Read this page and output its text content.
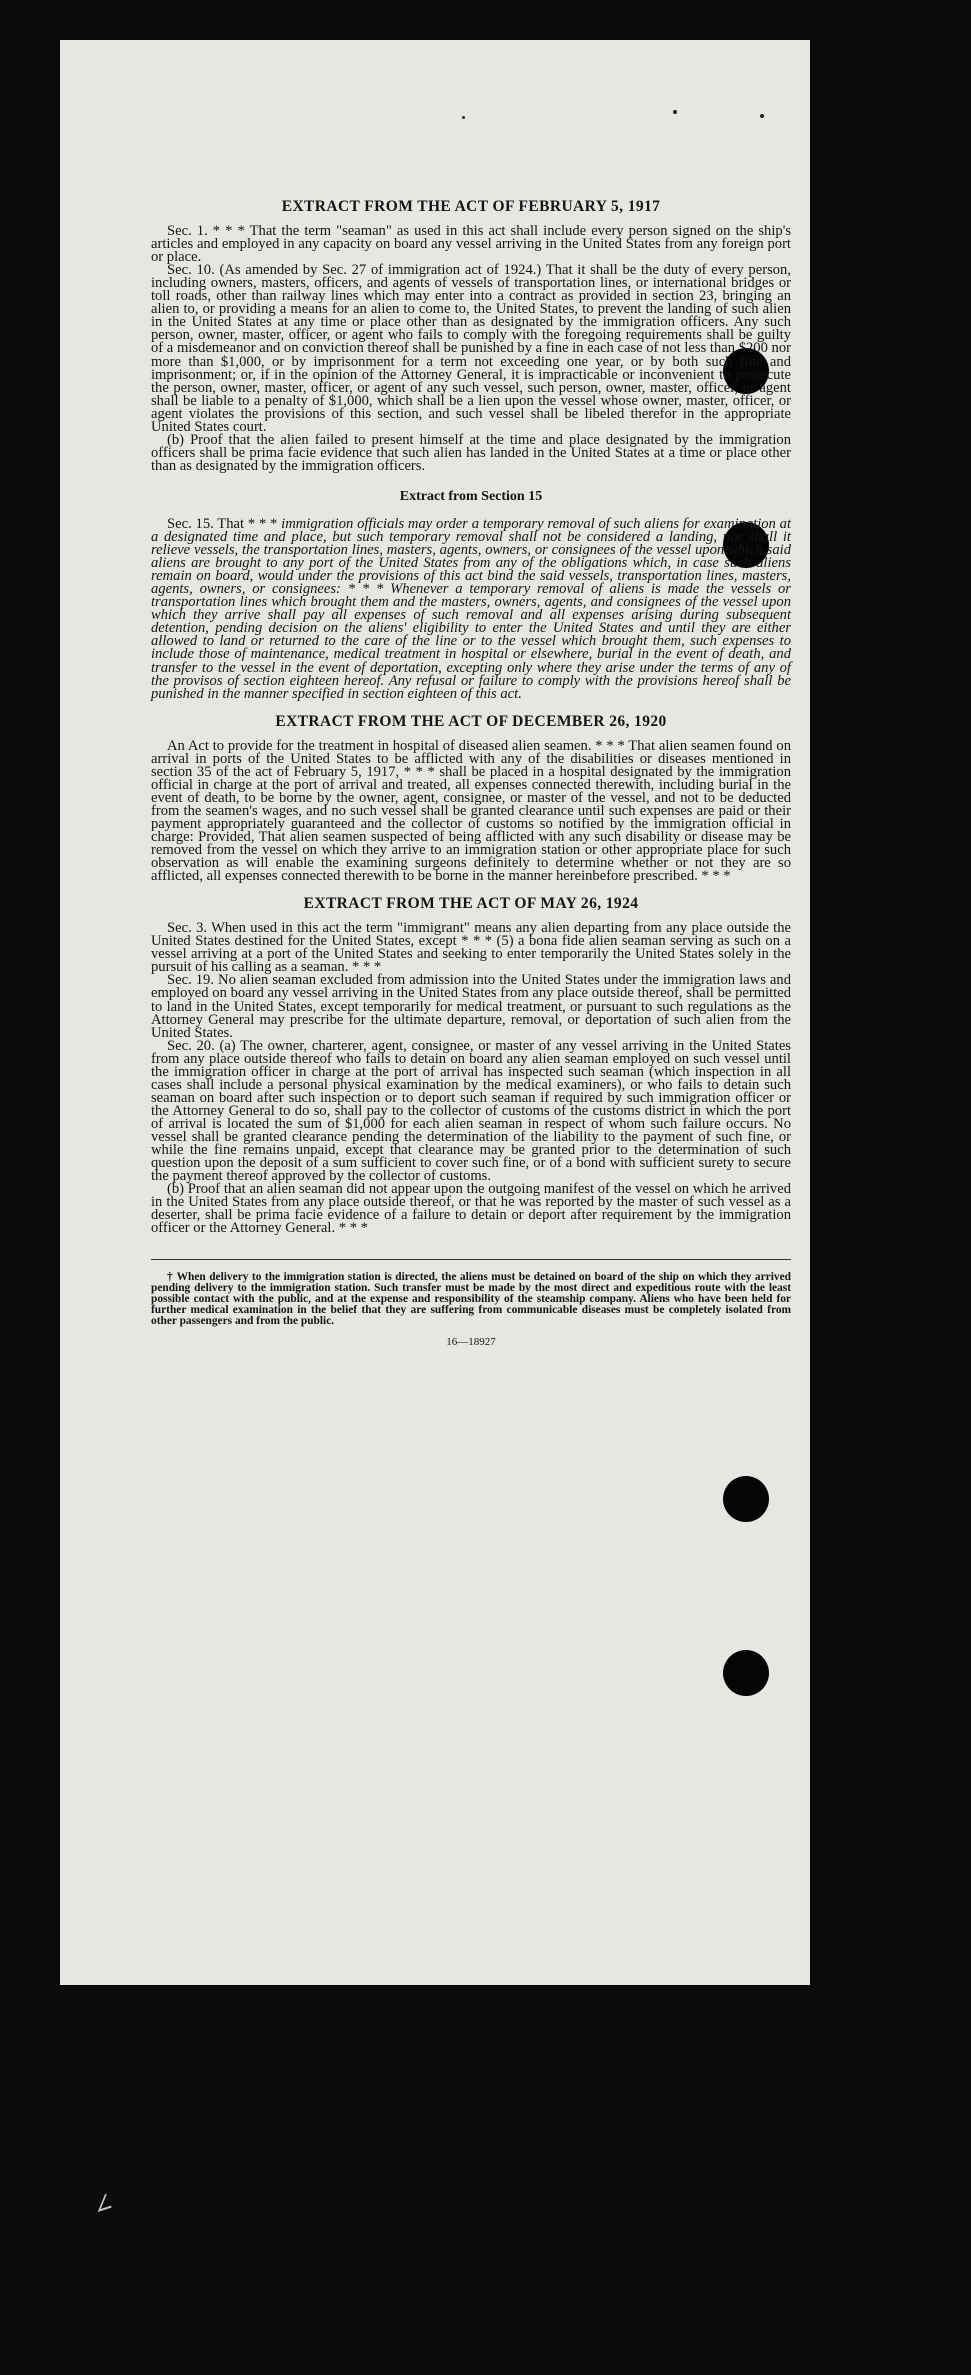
EXTRACT FROM THE ACT OF FEBRUARY 5, 1917

Sec. 1. * * * That the term "seaman" as used in this act shall include every person signed on the ship's articles and employed in any capacity on board any vessel arriving in the United States from any foreign port or place.

Sec. 10. (As amended by Sec. 27 of immigration act of 1924.) That it shall be the duty of every person, including owners, masters, officers, and agents of vessels of transportation lines, or international bridges or toll roads, other than railway lines which may enter into a contract as provided in section 23, bringing an alien to, or providing a means for an alien to come to, the United States, to prevent the landing of such alien in the United States at any time or place other than as designated by the immigration officers. Any such person, owner, master, officer, or agent who fails to comply with the foregoing requirements shall be guilty of a misdemeanor and on conviction thereof shall be punished by a fine in each case of not less than $200 nor more than $1,000, or by imprisonment for a term not exceeding one year, or by both such fine and imprisonment; or, if in the opinion of the Attorney General, it is impracticable or inconvenient to prosecute the person, owner, master, officer, or agent of any such vessel, such person, owner, master, officer, or agent shall be liable to a penalty of $1,000, which shall be a lien upon the vessel whose owner, master, officer, or agent violates the provisions of this section, and such vessel shall be libeled therefor in the appropriate United States court.

(b) Proof that the alien failed to present himself at the time and place designated by the immigration officers shall be prima facie evidence that such alien has landed in the United States at a time or place other than as designated by the immigration officers.

Extract from Section 15

Sec. 15. That * * * immigration officials may order a temporary removal of such aliens for examination at a designated time and place, but such temporary removal shall not be considered a landing, nor shall it relieve vessels, the transportation lines, masters, agents, owners, or consignees of the vessel upon which said aliens are brought to any port of the United States from any of the obligations which, in case such aliens remain on board, would under the provisions of this act bind the said vessels, transportation lines, masters, agents, owners, or consignees: * * * Whenever a temporary removal of aliens is made the vessels or transportation lines which brought them and the masters, owners, agents, and consignees of the vessel upon which they arrive shall pay all expenses of such removal and all expenses arising during subsequent detention, pending decision on the aliens' eligibility to enter the United States and until they are either allowed to land or returned to the care of the line or to the vessel which brought them, such expenses to include those of maintenance, medical treatment in hospital or elsewhere, burial in the event of death, and transfer to the vessel in the event of deportation, excepting only where they arise under the terms of any of the provisos of section eighteen hereof. Any refusal or failure to comply with the provisions hereof shall be punished in the manner specified in section eighteen of this act.

EXTRACT FROM THE ACT OF DECEMBER 26, 1920

An Act to provide for the treatment in hospital of diseased alien seamen. * * * That alien seamen found on arrival in ports of the United States to be afflicted with any of the disabilities or diseases mentioned in section 35 of the act of February 5, 1917, * * * shall be placed in a hospital designated by the immigration official in charge at the port of arrival and treated, all expenses connected therewith, including burial in the event of death, to be borne by the owner, agent, consignee, or master of the vessel, and not to be deducted from the seamen's wages, and no such vessel shall be granted clearance until such expenses are paid or their payment appropriately guaranteed and the collector of customs so notified by the immigration official in charge: Provided, That alien seamen suspected of being afflicted with any such disability or disease may be removed from the vessel on which they arrive to an immigration station or other appropriate place for such observation as will enable the examining surgeons definitely to determine whether or not they are so afflicted, all expenses connected therewith to be borne in the manner hereinbefore prescribed. * * *

EXTRACT FROM THE ACT OF MAY 26, 1924

Sec. 3. When used in this act the term "immigrant" means any alien departing from any place outside the United States destined for the United States, except * * * (5) a bona fide alien seaman serving as such on a vessel arriving at a port of the United States and seeking to enter temporarily the United States solely in the pursuit of his calling as a seaman. * * *

Sec. 19. No alien seaman excluded from admission into the United States under the immigration laws and employed on board any vessel arriving in the United States from any place outside thereof, shall be permitted to land in the United States, except temporarily for medical treatment, or pursuant to such regulations as the Attorney General may prescribe for the ultimate departure, removal, or deportation of such alien from the United States.

Sec. 20. (a) The owner, charterer, agent, consignee, or master of any vessel arriving in the United States from any place outside thereof who fails to detain on board any alien seaman employed on such vessel until the immigration officer in charge at the port of arrival has inspected such seaman (which inspection in all cases shall include a personal physical examination by the medical examiners), or who fails to detain such seaman on board after such inspection or to deport such seaman if required by such immigration officer or the Attorney General to do so, shall pay to the collector of customs of the customs district in which the port of arrival is located the sum of $1,000 for each alien seaman in respect of whom such failure occurs. No vessel shall be granted clearance pending the determination of the liability to the payment of such fine, or while the fine remains unpaid, except that clearance may be granted prior to the determination of such question upon the deposit of a sum sufficient to cover such fine, or of a bond with sufficient surety to secure the payment thereof approved by the collector of customs.

(b) Proof that an alien seaman did not appear upon the outgoing manifest of the vessel on which he arrived in the United States from any place outside thereof, or that he was reported by the master of such vessel as a deserter, shall be prima facie evidence of a failure to detain or deport after requirement by the immigration officer or the Attorney General. * * *

† When delivery to the immigration station is directed, the aliens must be detained on board of the ship on which they arrived pending delivery to the immigration station. Such transfer must be made by the most direct and expeditious route with the least possible contact with the public, and at the expense and responsibility of the steamship company. Aliens who have been held for further medical examination in the belief that they are suffering from communicable diseases must be completely isolated from other passengers and from the public.

16—18927
∠
